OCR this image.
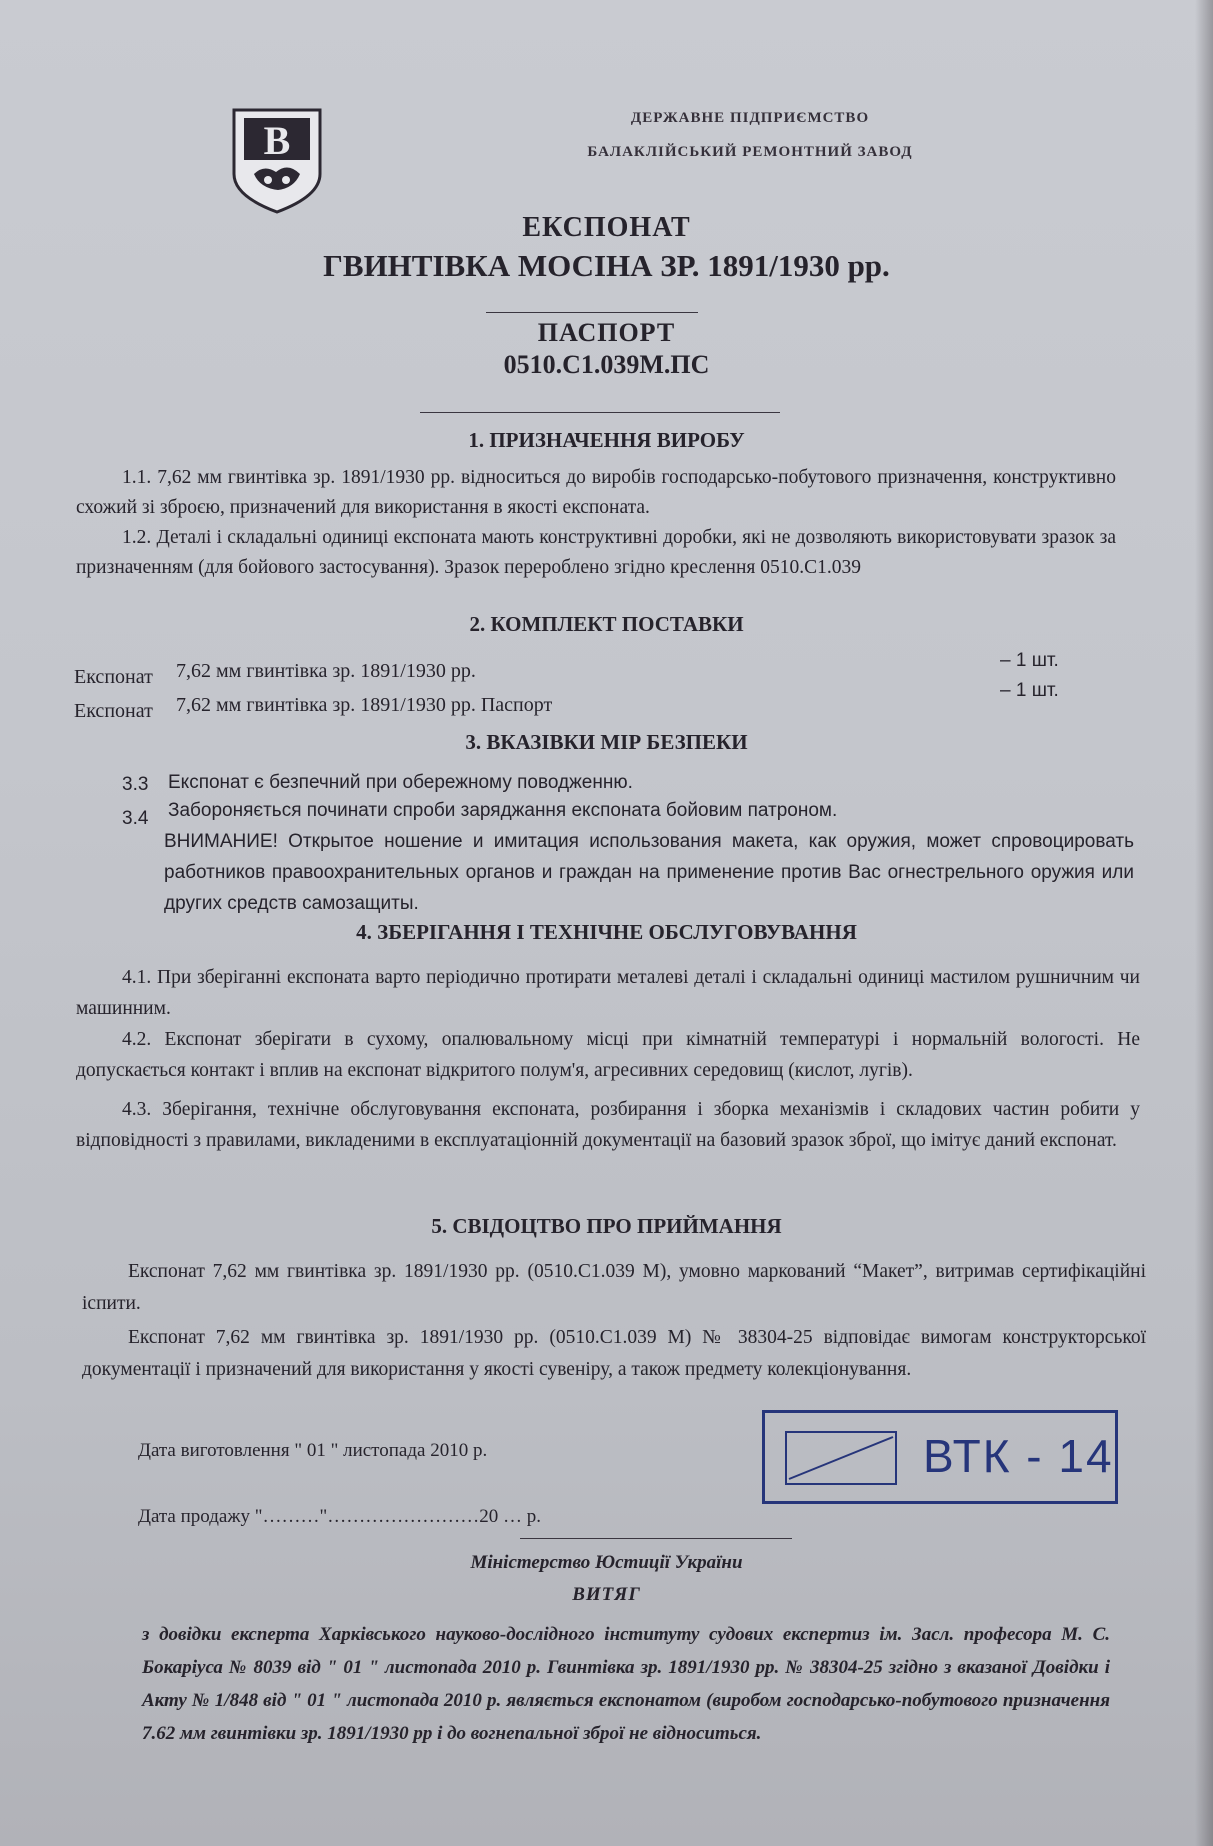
B	ДЕРЖАВНЕ ПІДПРИЄМСТВО
БАЛАКЛІЙСЬКИЙ РЕМОНТНИЙ ЗАВОД
ЕКСПОНАТ
ГВИНТІВКА МОСІНА ЗР. 1891/1930 рр.
ПАСПОРТ
0510.С1.039М.ПС
1. ПРИЗНАЧЕННЯ ВИРОБУ
1.1. 7,62 мм гвинтівка зр. 1891/1930 рр. відноситься до виробів господарсько-побутового призначення, конструктивно схожий зі зброєю, призначений для використання в якості експоната.
1.2. Деталі і складальні одиниці експоната мають конструктивні доробки, які не дозволяють використовувати зразок за призначенням (для бойового застосування). Зразок перероблено згідно креслення 0510.С1.039
2. КОМПЛЕКТ ПОСТАВКИ
Експонат 7,62 мм гвинтівка зр. 1891/1930 рр.	– 1 шт.
Експонат 7,62 мм гвинтівка зр. 1891/1930 рр. Паспорт
– 1 шт.
3. ВКАЗІВКИ МІР БЕЗПЕКИ
3.3 Експонат є безпечний при обережному поводженню.
3.4 Забороняється починати спроби заряджання експоната бойовим патроном.
ВНИМАНИЕ! Открытое ношение и имитация использования макета, как оружия, может спровоцировать работников правоохранительных органов и граждан на применение против Вас огнестрельного оружия или других средств самозащиты.
4. ЗБЕРІГАННЯ І ТЕХНІЧНЕ ОБСЛУГОВУВАННЯ
4.1. При зберіганні експоната варто періодично протирати металеві деталі і складальні одиниці мастилом рушничним чи машинним.
4.2. Експонат зберігати в сухому, опалювальному місці при кімнатній температурі і нормальній вологості. Не допускається контакт і вплив на експонат відкритого полум'я, агресивних середовищ (кислот, лугів).
4.3. Зберігання, технічне обслуговування експоната, розбирання і зборка механізмів і складових частин робити у відповідності з правилами, викладеними в експлуатаціонній документації на базовий зразок зброї, що імітує даний експонат.
5. СВІДОЦТВО ПРО ПРИЙМАННЯ
Експонат 7,62 мм гвинтівка зр. 1891/1930 рр. (0510.С1.039 М), умовно маркований “Макет”, витримав сертифікаційні іспити.
Експонат 7,62 мм гвинтівка зр. 1891/1930 рр. (0510.С1.039 М) № 38304-25 відповідає вимогам конструкторської документації і призначений для використання у якості сувеніру, а також предмету колекціонування.
Дата виготовлення " 01 " листопада 2010 р.
Дата продажу "………"……………………20 … р.
ВТК - 14
Міністерство Юстиції України
ВИТЯГ
з довідки експерта Харківського науково-дослідного інституту судових експертиз ім. Засл. професора М. С. Бокаріуса № 8039 від " 01 " листопада 2010 р. Гвинтівка зр. 1891/1930 рр. № 38304-25 згідно з вказаної Довідки і Акту № 1/848 від " 01 " листопада 2010 р. являється експонатом (виробом господарсько-побутового призначення 7.62 мм гвинтівки зр. 1891/1930 рр і до вогнепальної зброї не відноситься.
